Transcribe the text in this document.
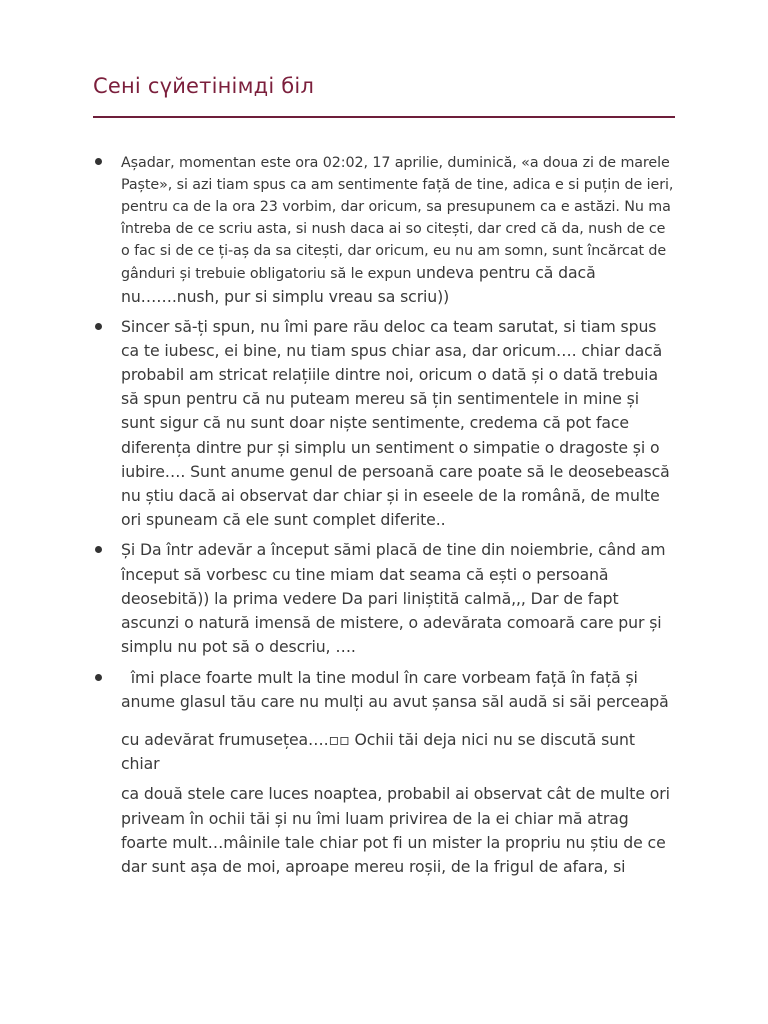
Сені сүйетінімді біл
Așadar, momentan este ora 02:02, 17 aprilie, duminică, «a doua zi de marele Paște», si azi tiam spus ca am sentimente față de tine, adica e si puțin de ieri, pentru ca de la ora 23 vorbim, dar oricum, sa presupunem ca e astăzi. Nu ma întreba de ce scriu asta, si nush daca ai so citești, dar cred că da, nush de ce o fac si de ce ți-aș da sa citești, dar oricum, eu nu am somn, sunt încărcat de gânduri și trebuie obligatoriu să le expun undeva pentru că dacă nu…….nush, pur si simplu vreau sa scriu))
Sincer să-ți spun, nu îmi pare rău deloc ca team sarutat, si tiam spus ca te iubesc, ei bine, nu tiam spus chiar asa, dar oricum…. chiar dacă probabil am stricat relațiile dintre noi, oricum o dată și o dată trebuia să spun pentru că nu puteam mereu să țin sentimentele in mine și sunt sigur că nu sunt doar niște sentimente, credema că pot face diferența dintre pur și simplu un sentiment o simpatie o dragoste și o iubire…. Sunt anume genul de persoană care poate să le deosebească nu știu dacă ai observat dar chiar și in eseele de la română, de multe ori spuneam că ele sunt complet diferite..
Și Da într adevăr a început sămi placă de tine din noiembrie, când am început să vorbesc cu tine miam dat seama că ești o persoană deosebită)) la prima vedere Da pari liniștită calmă,,, Dar de fapt ascunzi o natură imensă de mistere, o adevărata comoară care pur și simplu nu pot să o descriu, ….
îmi place foarte mult la tine modul în care vorbeam față în față și anume glasul tău care nu mulți au avut șansa săl audă si săi perceapă
cu adevărat frumusețea….▫▫ Ochii tăi deja nici nu se discută sunt chiar
ca două stele care luces noaptea, probabil ai observat cât de multe ori priveam în ochii tăi și nu îmi luam privirea de la ei chiar mă atrag foarte mult…mâinile tale chiar pot fi un mister la propriu nu știu de ce dar sunt așa de moi, aproape mereu roșii, de la frigul de afara, si
